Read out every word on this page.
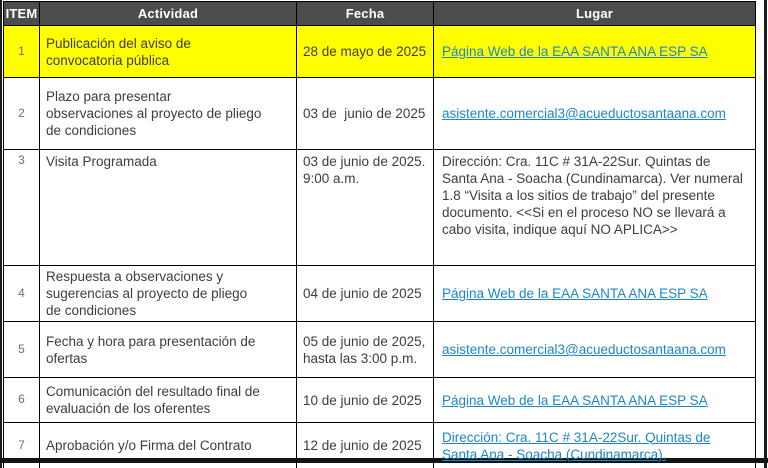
ITEM	Actividad	Fecha	Lugar
1	Publicación del aviso de convocatoria pública	28 de mayo de 2025	Página Web de la EAA SANTA ANA ESP SA
2	Plazo para presentar observaciones al proyecto de pliego de condiciones	03 de  junio de 2025	asistente.comercial3@acueductosantaana.com
3	Visita Programada	03 de junio de 2025. 9:00 a.m.	Dirección: Cra. 11C # 31A-22Sur. Quintas de Santa Ana - Soacha (Cundinamarca). Ver numeral 1.8 “Visita a los sitios de trabajo” del presente documento. <<Si en el proceso NO se llevará a cabo visita, indique aquí NO APLICA>>
4	Respuesta a observaciones y sugerencias al proyecto de pliego de condiciones	04 de junio de 2025	Página Web de la EAA SANTA ANA ESP SA
5	Fecha y hora para presentación de ofertas	05 de junio de 2025, hasta las 3:00 p.m.	asistente.comercial3@acueductosantaana.com
6	Comunicación del resultado final de evaluación de los oferentes	10 de junio de 2025	Página Web de la EAA SANTA ANA ESP SA
7	Aprobación y/o Firma del Contrato	12 de junio de 2025	Dirección: Cra. 11C # 31A-22Sur. Quintas de Santa Ana - Soacha (Cundinamarca).
